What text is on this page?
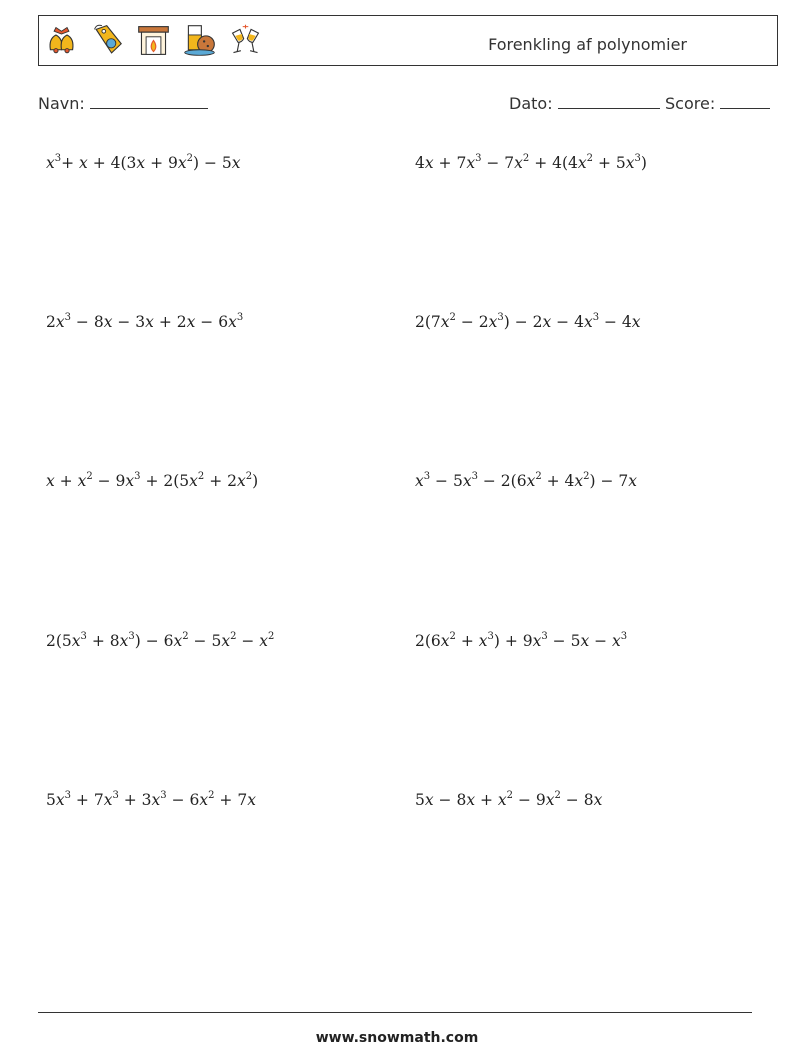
Forenkling af polynomier
Navn:	Dato:	Score:
$x^3+ x + 4(3x + 9x^2) - 5x$	$4x + 7x^3 - 7x^2 + 4(4x^2 + 5x^3)$
$2x^3 - 8x - 3x + 2x - 6x^3$	$2(7x^2 - 2x^3) - 2x - 4x^3 - 4x$
$x + x^2 - 9x^3 + 2(5x^2 + 2x^2)$	$x^3 - 5x^3 - 2(6x^2 + 4x^2) - 7x$
$2(5x^3 + 8x^3) - 6x^2 - 5x^2 - x^2$	$2(6x^2 + x^3) + 9x^3 - 5x - x^3$
$5x^3 + 7x^3 + 3x^3 - 6x^2 + 7x$	$5x - 8x + x^2 - 9x^2 - 8x$
www.snowmath.com
